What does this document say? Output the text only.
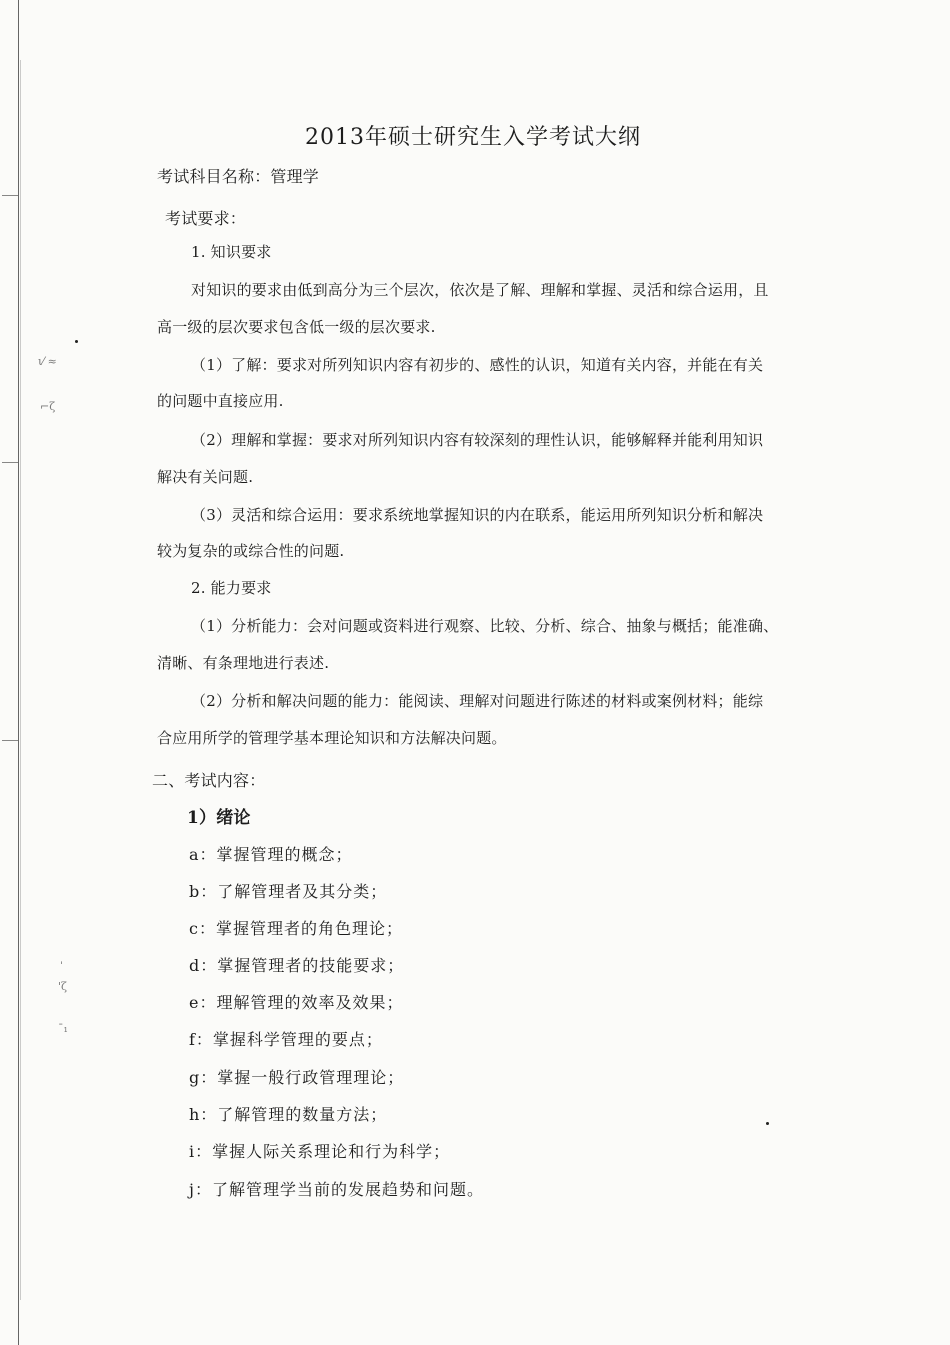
ι⁄ ≈
⌐ζ
ˈ
'ζ
ˉ₁
2013年硕士研究生入学考试大纲
考试科目名称：管理学
考试要求：
1. 知识要求
对知识的要求由低到高分为三个层次，依次是了解、理解和掌握、灵活和综合运用，且
高一级的层次要求包含低一级的层次要求.
（1）了解：要求对所列知识内容有初步的、感性的认识，知道有关内容，并能在有关
的问题中直接应用.
（2）理解和掌握：要求对所列知识内容有较深刻的理性认识，能够解释并能利用知识
解决有关问题.
（3）灵活和综合运用：要求系统地掌握知识的内在联系，能运用所列知识分析和解决
较为复杂的或综合性的问题.
2. 能力要求
（1）分析能力：会对问题或资料进行观察、比较、分析、综合、抽象与概括；能准确、
清晰、有条理地进行表述.
（2）分析和解决问题的能力：能阅读、理解对问题进行陈述的材料或案例材料；能综
合应用所学的管理学基本理论知识和方法解决问题。
二、考试内容：
1）绪论
a：掌握管理的概念；
b：了解管理者及其分类；
c：掌握管理者的角色理论；
d：掌握管理者的技能要求；
e：理解管理的效率及效果；
f：掌握科学管理的要点；
g：掌握一般行政管理理论；
h：了解管理的数量方法；
i：掌握人际关系理论和行为科学；
j：了解管理学当前的发展趋势和问题。
